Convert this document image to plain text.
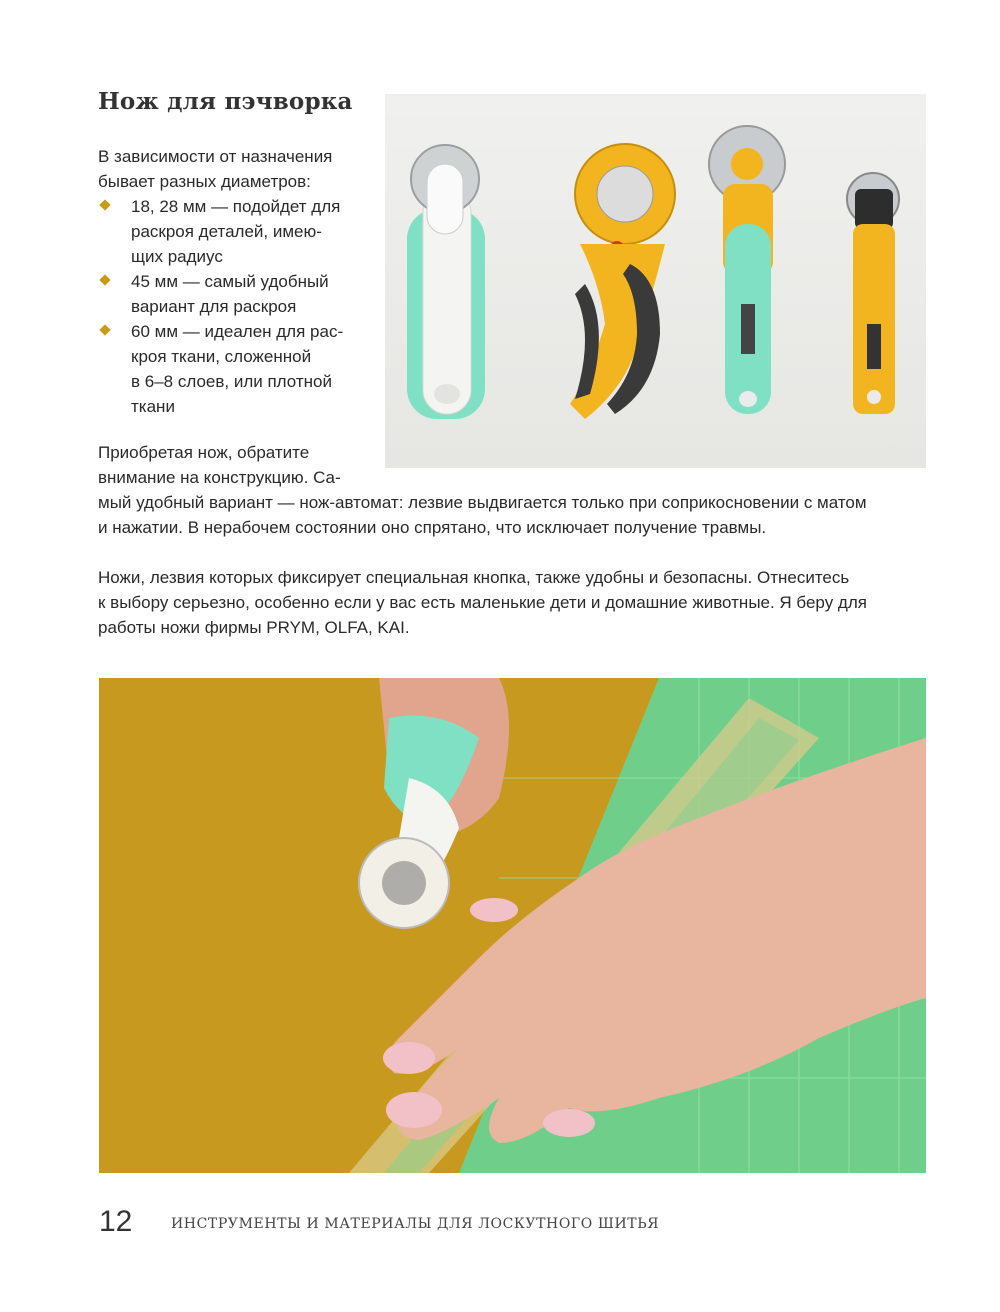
Нож для пэчворка

В зависимости от назначения

бывает разных диаметров:

18, 28 мм — подойдет для
раскроя деталей, имею-
щих радиус
45 мм — самый удобный
вариант для раскроя
60 мм — идеален для рас-
кроя ткани, сложенной
в 6–8 слоев, или плотной
ткани
Приобретая нож, обратите
внимание на конструкцию. Са-
мый удобный вариант — нож-автомат: лезвие выдвигается только при соприкосновении с матом
и нажатии. В нерабочем состоянии оно спрятано, что исключает получение травмы.
Ножи, лезвия которых фиксирует специальная кнопка, также удобны и безопасны. Отнеситесь
к выбору серьезно, особенно если у вас есть маленькие дети и домашние животные. Я беру для
работы ножи фирмы PRYM, OLFA, KAI.
12	ИНСТРУМЕНТЫ И МАТЕРИАЛЫ ДЛЯ ЛОСКУТНОГО ШИТЬЯ
